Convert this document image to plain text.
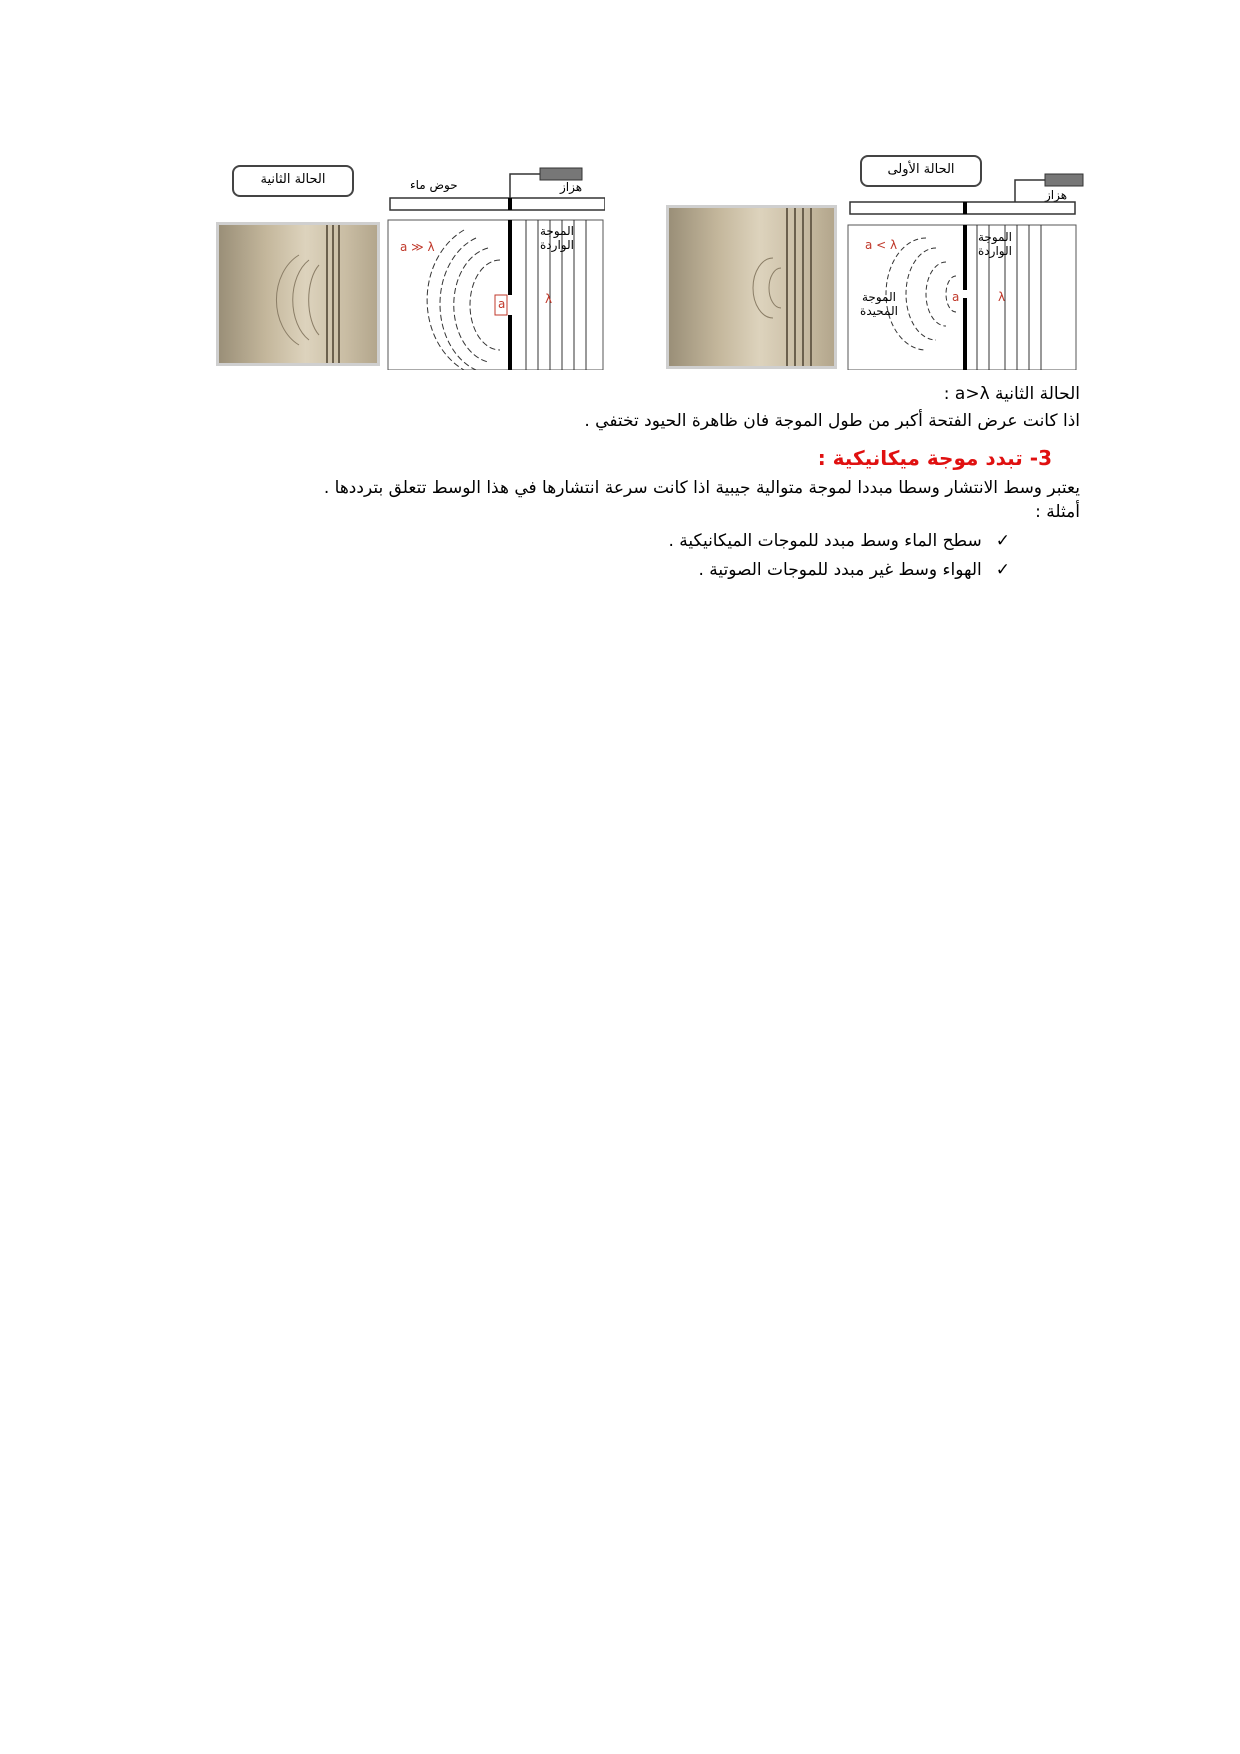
الحالة الثانية	حوض ماء	هزاز
الموجة الواردة
a ≫ λ
λ
a
الحالة الأولى
هزاز
الموجة الواردة
الموجة المحيدة
a < λ
λ
a
الحالة الثانية a>λ :
اذا كانت عرض الفتحة أكبر من طول الموجة فان ظاهرة الحيود تختفي .
3- تبدد موجة ميكانيكية :
يعتبر وسط الانتشار وسطا مبددا لموجة متوالية جيبية اذا كانت سرعة انتشارها في هذا الوسط تتعلق بترددها .
أمثلة :
✓سطح الماء وسط مبدد للموجات الميكانيكية .
✓الهواء وسط غير مبدد للموجات الصوتية .
